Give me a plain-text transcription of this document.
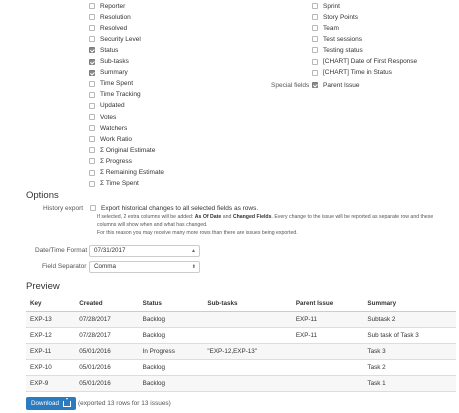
Reporter
Resolution
Resolved
Security Level
Status
Sub-tasks
Summary
Time Spent
Time Tracking
Updated
Votes
Watchers
Work Ratio
Σ Original Estimate
Σ Progress
Σ Remaining Estimate
Σ Time Spent
Sprint
Story Points
Team
Test sessions
Testing status
[CHART] Date of First Response
[CHART] Time in Status
Special fields Parent Issue
Options
History export	Export historical changes to all selected fields as rows.
If selected, 2 extra columns will be added: As Of Date and Changed Fields. Every change to the issue will be reported as separate row and these
columns will show when and what has changed.
For this reason you may receive many more rows than there are issues being exported.
Date/Time Format	07/31/2017	▲

Field Separator	Comma	⬍
Preview
Key	Created	Status	Sub-tasks	Parent Issue	Summary
EXP-13	07/28/2017	Backlog		EXP-11	Subtask 2
EXP-12	07/28/2017	Backlog		EXP-11	Sub task of Task 3
EXP-11	05/01/2016	In Progress	"EXP-12,EXP-13"		Task 3
EXP-10	05/01/2016	Backlog			Task 2
EXP-9	05/01/2016	Backlog			Task 1
Download	(exported 13 rows for 13 issues)
